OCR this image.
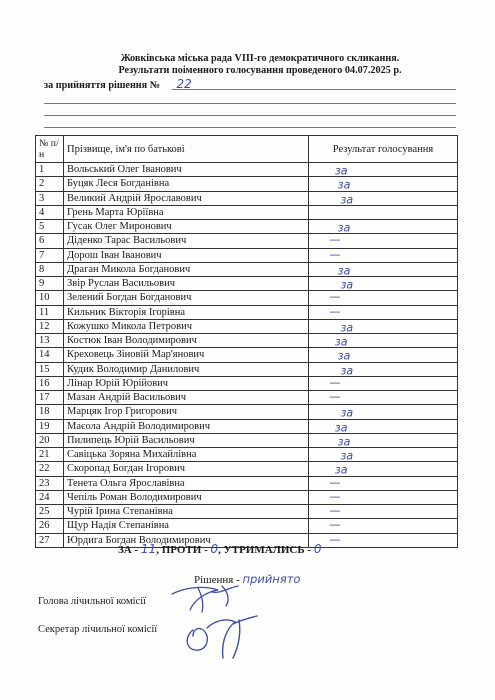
Жовківська міська рада VIII-го демократичного скликання.
Результати поіменного голосування проведеного 04.07.2025 р.
за прийняття рішення № 22
№ п/н	Прізвище, ім'я по батькові	Результат голосування
1	Вольський Олег Іванович	за

2	Буцяк Леся Богданівна	за

3	Великий Андрій Ярославович	за

4	Грень Марта Юріївна	
5	Гусак Олег Миронович	за

6	Діденко Тарас Васильович	—

7	Дорош Іван Іванович	—

8	Драган Микола Богданович	за

9	Звір Руслан Васильович	за

10	Зелений Богдан Богданович	—

11	Кильник Вікторія Ігорівна	—

12	Кожушко Микола Петрович	за

13	Костюк Іван Володимирович	за

14	Креховець Зіновій Мар'янович	за

15	Кудик Володимир Данилович	за

16	Лінар Юрій Юрійович	—

17	Мазан Андрій Васильович	—

18	Марцяк Ігор Григорович	за

19	Маєола Андрій Володимирович	за

20	Пилипець Юрій Васильович	за

21	Савіцька Зоряна Михайлівна	за

22	Скоропад Богдан Ігорович	за

23	Тенета Ольга Ярославівна	—

24	Чепіль Роман Володимирович	—

25	Чурій Ірина Степанівна	—

26	Щур Надія Степанівна	—

27	Юрдига Богдан Володимирович	—
ЗА - 11, ПРОТИ - 0, УТРИМАЛИСЬ - 0
Рішення - прийнято
Голова лічильної комісії
Секретар лічильної комісії
